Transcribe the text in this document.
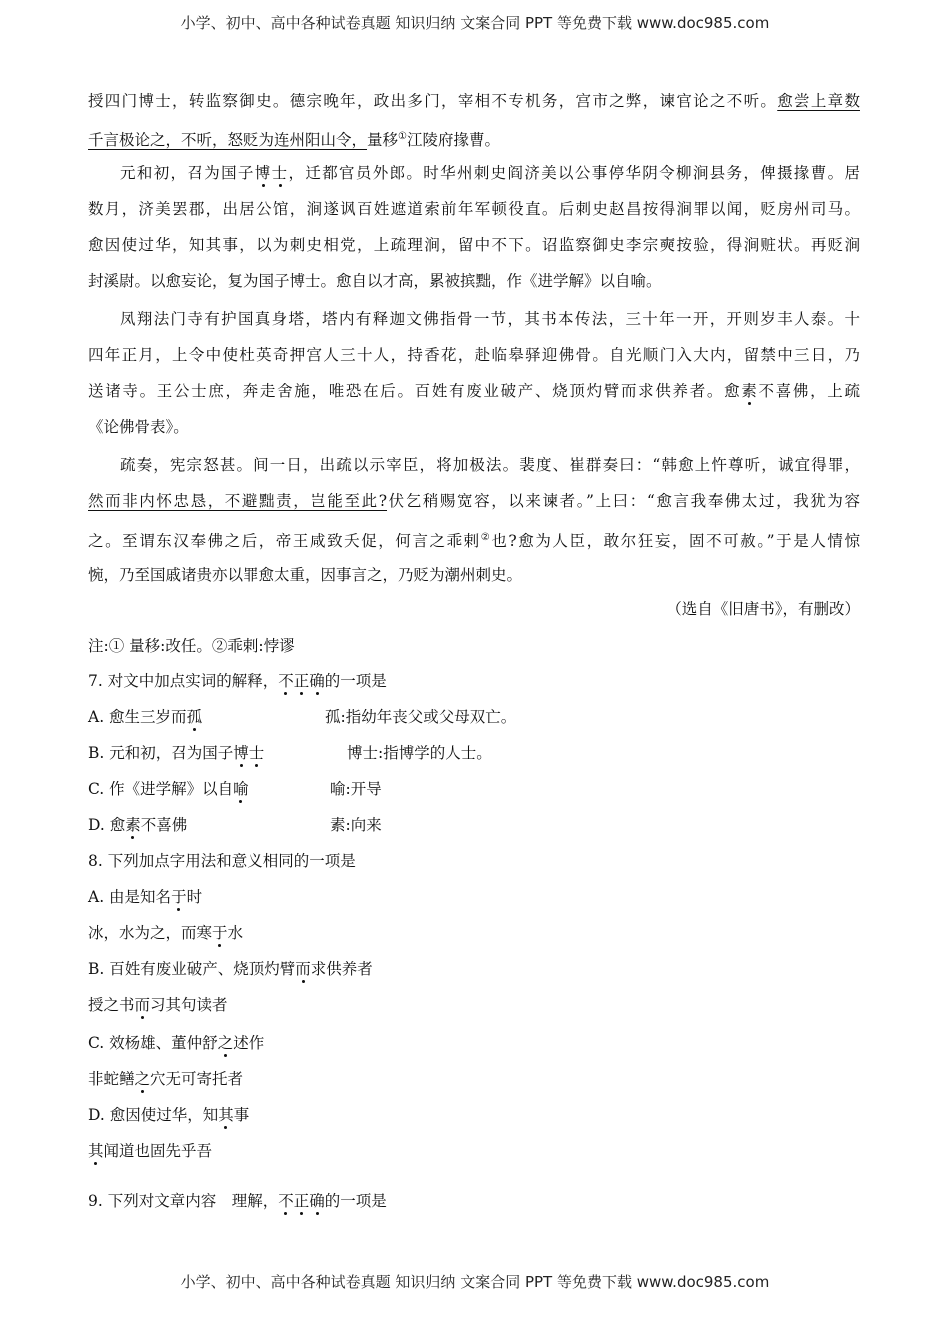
小学、初中、高中各种试卷真题 知识归纳 文案合同 PPT 等免费下载 www.doc985.com
授四门博士，转监察御史。德宗晚年，政出多门，宰相不专机务，宫市之弊，谏官论之不听。愈尝上章数
千言极论之，不听，怒贬为连州阳山令，量移①江陵府掾曹。
元和初，召为国子博士，迁都官员外郎。时华州刺史阎济美以公事停华阴令柳涧县务，俾摄掾曹。居
数月，济美罢郡，出居公馆，涧遂讽百姓遮道索前年军顿役直。后刺史赵昌按得涧罪以闻，贬房州司马。
愈因使过华，知其事，以为刺史相党，上疏理涧，留中不下。诏监察御史李宗奭按验，得涧赃状。再贬涧
封溪尉。以愈妄论，复为国子博士。愈自以才高，累被摈黜，作《进学解》以自喻。
凤翔法门寺有护国真身塔，塔内有释迦文佛指骨一节，其书本传法，三十年一开，开则岁丰人泰。十
四年正月，上令中使杜英奇押宫人三十人，持香花，赴临皋驿迎佛骨。自光顺门入大内，留禁中三日，乃
送诸寺。王公士庶，奔走舍施，唯恐在后。百姓有废业破产、烧顶灼臂而求供养者。愈素不喜佛，上疏
《论佛骨表》。
疏奏，宪宗怒甚。间一日，出疏以示宰臣，将加极法。裴度、崔群奏曰：“韩愈上忤尊听，诚宜得罪，
然而非内怀忠恳，不避黜责，岂能至此?伏乞稍赐宽容，以来谏者。”上曰：“愈言我奉佛太过，我犹为容
之。至谓东汉奉佛之后，帝王咸致夭促，何言之乖剌②也?愈为人臣，敢尔狂妄，固不可赦。”于是人情惊
惋，乃至国戚诸贵亦以罪愈太重，因事言之，乃贬为潮州刺史。
（选自《旧唐书》，有删改）
注:① 量移:改任。②乖剌:悖谬
7. 对文中加点实词的解释，不正确的一项是
A. 愈生三岁而孤	孤:指幼年丧父或父母双亡。
B. 元和初，召为国子博士	博士:指博学的人士。
C. 作《进学解》以自喻	喻:开导
D. 愈素不喜佛	素:向来
8. 下列加点字用法和意义相同的一项是
A. 由是知名于时
冰，水为之，而寒于水
B. 百姓有废业破产、烧顶灼臂而求供养者
授之书而习其句读者
C. 效杨雄、董仲舒之述作
非蛇鳝之穴无可寄托者
D. 愈因使过华，知其事
其闻道也固先乎吾
9. 下列对文章内容　理解，不正确的一项是
小学、初中、高中各种试卷真题 知识归纳 文案合同 PPT 等免费下载 www.doc985.com
